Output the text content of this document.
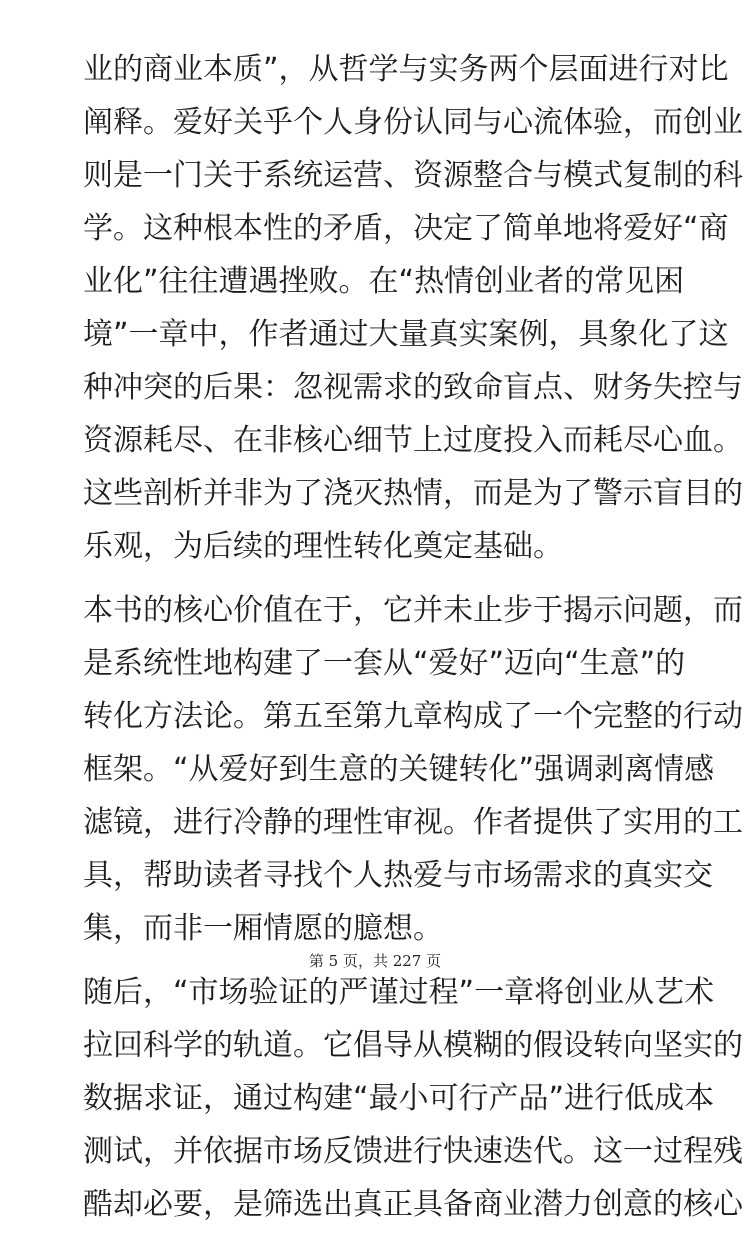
业的商业本质”，从哲学与实务两个层面进行对比
阐释。爱好关乎个人身份认同与心流体验，而创业
则是一门关于系统运营、资源整合与模式复制的科
学。这种根本性的矛盾，决定了简单地将爱好“商
业化”往往遭遇挫败。在“热情创业者的常见困
境”一章中，作者通过大量真实案例，具象化了这
种冲突的后果：忽视需求的致命盲点、财务失控与
资源耗尽、在非核心细节上过度投入而耗尽心血。
这些剖析并非为了浇灭热情，而是为了警示盲目的
乐观，为后续的理性转化奠定基础。
本书的核心价值在于，它并未止步于揭示问题，而
是系统性地构建了一套从“爱好”迈向“生意”的
转化方法论。第五至第九章构成了一个完整的行动
框架。“从爱好到生意的关键转化”强调剥离情感
滤镜，进行冷静的理性审视。作者提供了实用的工
具，帮助读者寻找个人热爱与市场需求的真实交
集，而非一厢情愿的臆想。
随后，“市场验证的严谨过程”一章将创业从艺术
拉回科学的轨道。它倡导从模糊的假设转向坚实的
数据求证，通过构建“最小可行产品”进行低成本
测试，并依据市场反馈进行快速迭代。这一过程残
酷却必要，是筛选出真正具备商业潜力创意的核心
第 5 页，共 227 页
